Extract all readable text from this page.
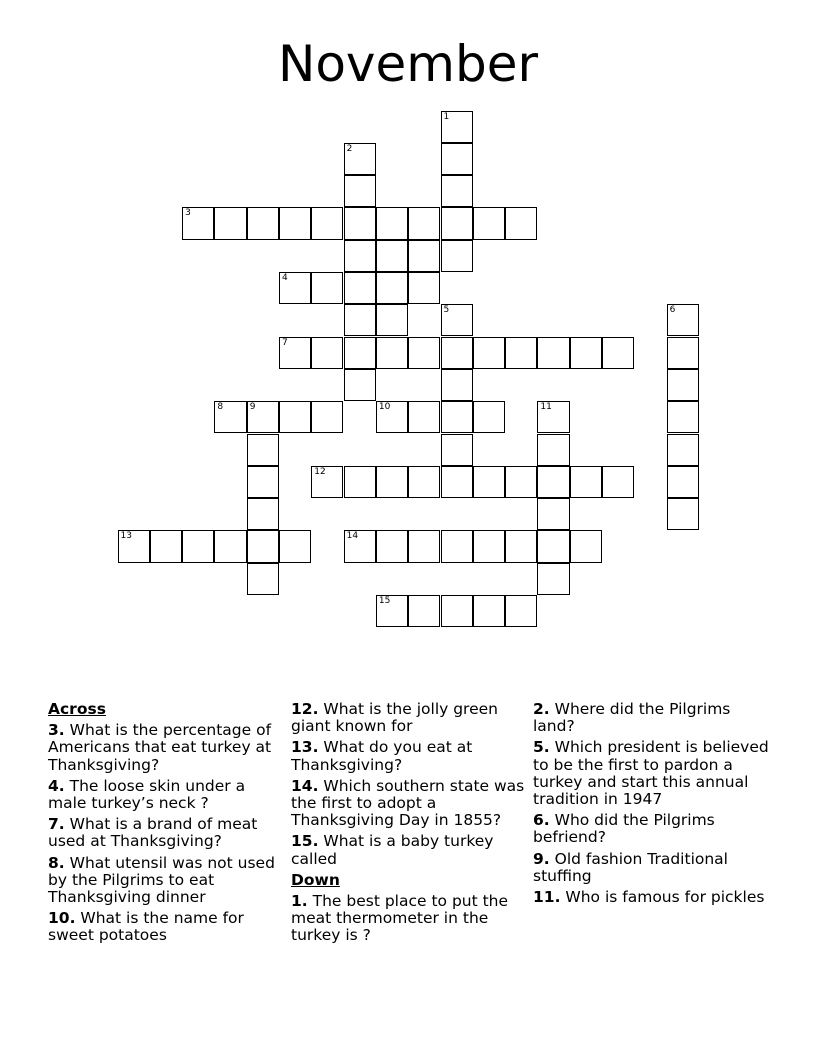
November
1
2
3
4
5	6
7
8	9	10	11
12
13	14
15
Across
3. What is the percentage of Americans that eat turkey at Thanksgiving?
4. The loose skin under a male turkey’s neck ?
7. What is a brand of meat used at Thanksgiving?
8. What utensil was not used by the Pilgrims to eat Thanksgiving dinner
10. What is the name for sweet potatoes
12. What is the jolly green giant known for
13. What do you eat at Thanksgiving?
14. Which southern state was the first to adopt a Thanksgiving Day in 1855?
15. What is a baby turkey called
Down
1. The best place to put the meat thermometer in the turkey is ?
2. Where did the Pilgrims land?
5. Which president is believed to be the first to pardon a turkey and start this annual tradition in 1947
6. Who did the Pilgrims befriend?
9. Old fashion Traditional stuffing
11. Who is famous for pickles
